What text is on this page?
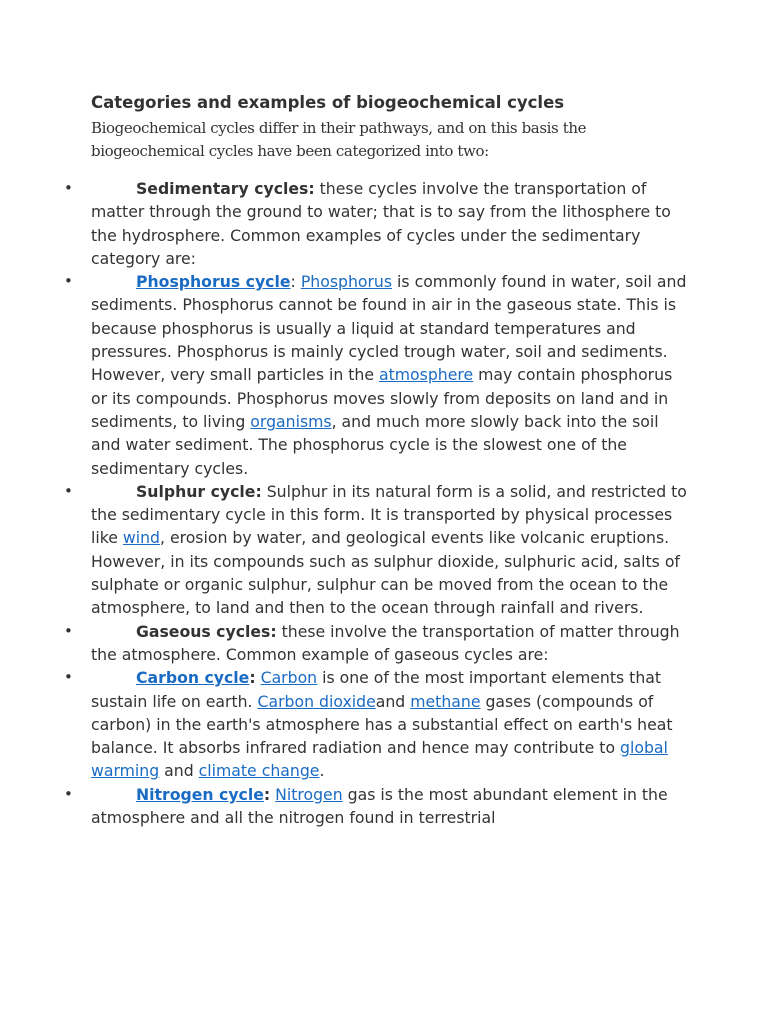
Categories and examples of biogeochemical cycles

Biogeochemical cycles differ in their pathways, and on this basis the biogeochemical cycles have been categorized into two:

•	Sedimentary cycles: these cycles involve the transportation of matter through the ground to water; that is to say from the lithosphere to the hydrosphere. Common examples of cycles under the sedimentary category are:
•	Phosphorus cycle: Phosphorus is commonly found in water, soil and sediments. Phosphorus cannot be found in air in the gaseous state. This is because phosphorus is usually a liquid at standard temperatures and pressures. Phosphorus is mainly cycled trough water, soil and sediments. However, very small particles in the atmosphere may contain phosphorus or its compounds. Phosphorus moves slowly from deposits on land and in sediments, to living organisms, and much more slowly back into the soil and water sediment. The phosphorus cycle is the slowest one of the sedimentary cycles.
•	Sulphur cycle: Sulphur in its natural form is a solid, and restricted to the sedimentary cycle in this form. It is transported by physical processes like wind, erosion by water, and geological events like volcanic eruptions. However, in its compounds such as sulphur dioxide, sulphuric acid, salts of sulphate or organic sulphur, sulphur can be moved from the ocean to the atmosphere, to land and then to the ocean through rainfall and rivers.
•	Gaseous cycles: these involve the transportation of matter through the atmosphere. Common example of gaseous cycles are:
•	Carbon cycle: Carbon is one of the most important elements that sustain life on earth. Carbon dioxideand methane gases (compounds of carbon) in the earth's atmosphere has a substantial effect on earth's heat balance. It absorbs infrared radiation and hence may contribute to global warming and climate change.
•	Nitrogen cycle: Nitrogen gas is the most abundant element in the atmosphere and all the nitrogen found in terrestrial
